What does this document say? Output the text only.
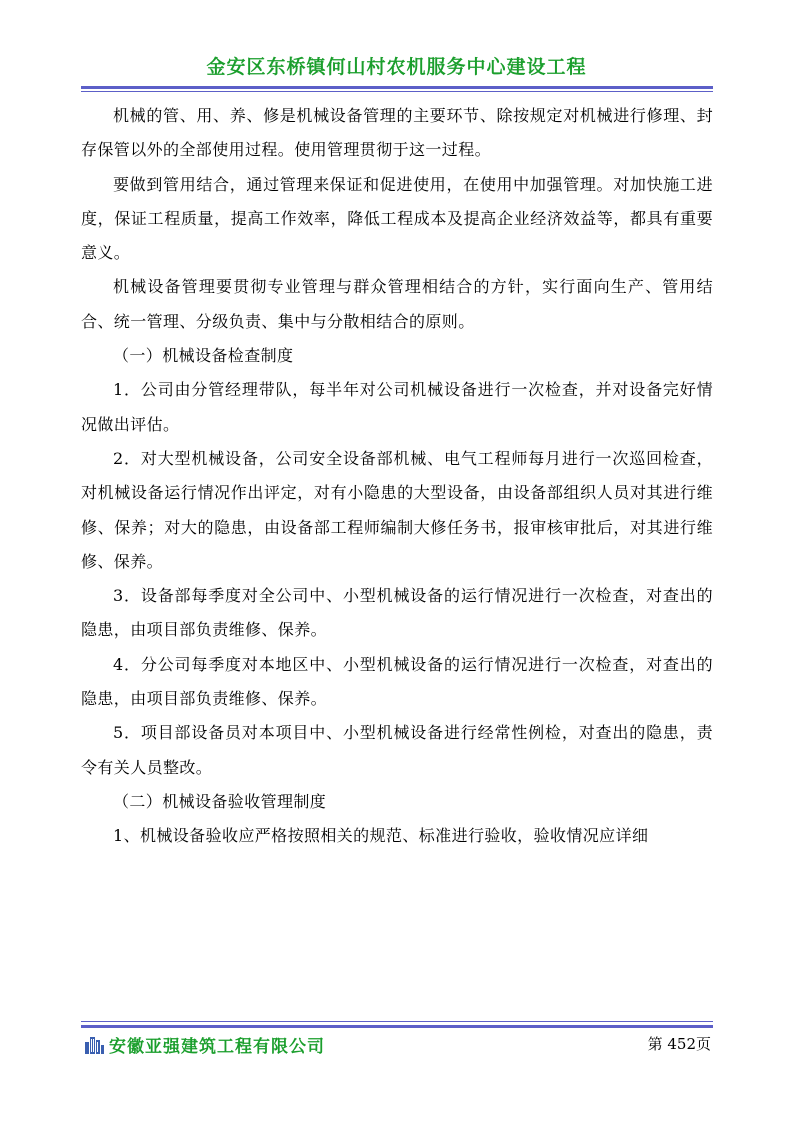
金安区东桥镇何山村农机服务中心建设工程

机械的管、用、养、修是机械设备管理的主要环节、除按规定对机械进行修理、封存保管以外的全部使用过程。使用管理贯彻于这一过程。

要做到管用结合，通过管理来保证和促进使用，在使用中加强管理。对加快施工进度，保证工程质量，提高工作效率，降低工程成本及提高企业经济效益等，都具有重要意义。

机械设备管理要贯彻专业管理与群众管理相结合的方针，实行面向生产、管用结合、统一管理、分级负责、集中与分散相结合的原则。

（一）机械设备检查制度

1．公司由分管经理带队，每半年对公司机械设备进行一次检查，并对设备完好情况做出评估。

2．对大型机械设备，公司安全设备部机械、电气工程师每月进行一次巡回检查，对机械设备运行情况作出评定，对有小隐患的大型设备，由设备部组织人员对其进行维修、保养；对大的隐患，由设备部工程师编制大修任务书，报审核审批后，对其进行维修、保养。

3．设备部每季度对全公司中、小型机械设备的运行情况进行一次检查，对查出的隐患，由项目部负责维修、保养。

4．分公司每季度对本地区中、小型机械设备的运行情况进行一次检查，对查出的隐患，由项目部负责维修、保养。

5．项目部设备员对本项目中、小型机械设备进行经常性例检，对查出的隐患，责令有关人员整改。

（二）机械设备验收管理制度

1、机械设备验收应严格按照相关的规范、标准进行验收，验收情况应详细

安徽亚强建筑工程有限公司	第 452页
